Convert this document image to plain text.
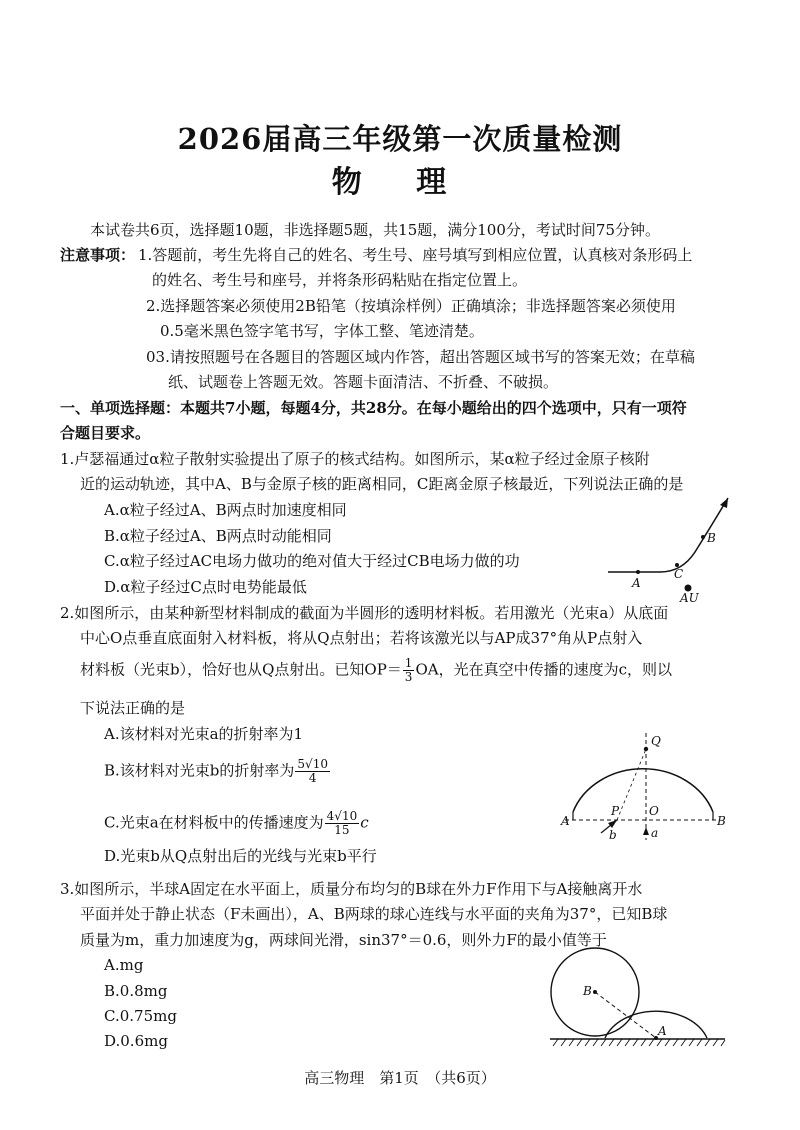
2026届高三年级第一次质量检测
物 理
本试卷共6页，选择题10题，非选择题5题，共15题，满分100分，考试时间75分钟。
注意事项： 1.答题前，考生先将自己的姓名、考生号、座号填写到相应位置，认真核对条形码上
的姓名、考生号和座号，并将条形码粘贴在指定位置上。
2.选择题答案必须使用2B铅笔（按填涂样例）正确填涂；非选择题答案必须使用
0.5毫米黑色签字笔书写，字体工整、笔迹清楚。
03.请按照题号在各题目的答题区域内作答，超出答题区域书写的答案无效；在草稿
纸、试题卷上答题无效。答题卡面清洁、不折叠、不破损。
一、单项选择题：本题共7小题，每题4分，共28分。在每小题给出的四个选项中，只有一项符
合题目要求。
1.卢瑟福通过α粒子散射实验提出了原子的核式结构。如图所示，某α粒子经过金原子核附
近的运动轨迹，其中A、B与金原子核的距离相同，C距离金原子核最近，下列说法正确的是
A.α粒子经过A、B两点时加速度相同
B.α粒子经过A、B两点时动能相同
C.α粒子经过AC电场力做功的绝对值大于经过CB电场力做的功
D.α粒子经过C点时电势能最低	A
C
B
AU
2.如图所示，由某种新型材料制成的截面为半圆形的透明材料板。若用激光（光束a）从底面
中心O点垂直底面射入材料板，将从Q点射出；若将该激光以与AP成37°角从P点射入
材料板（光束b），恰好也从Q点射出。已知$OP= \frac{1}{3}$ OA，光在真空中传播的速度为c，则以
下说法正确的是
A.该材料对光束a的折射率为1
B.该材料对光束b的折射率为 $\frac{5√10}{4}$
C.光束a在材料板中的传播速度为 $\frac{4√10}{15}$ c
D.光束b从Q点射出后的光线与光束b平行
Q
P O
A	B
a
b
3.如图所示，半球A固定在水平面上，质量分布均匀的B球在外力F作用下与A接触离开水
平面并处于静止状态（F未画出），A、B两球的球心连线与水平面的夹角为37°，已知B球
质量为m，重力加速度为g，两球间光滑，sin37°＝0.6，则外力F的最小值等于
A.mg
B.0.8mg
C.0.75mg
D.0.6mg
B
A
高三物理　第1页　（共6页）
